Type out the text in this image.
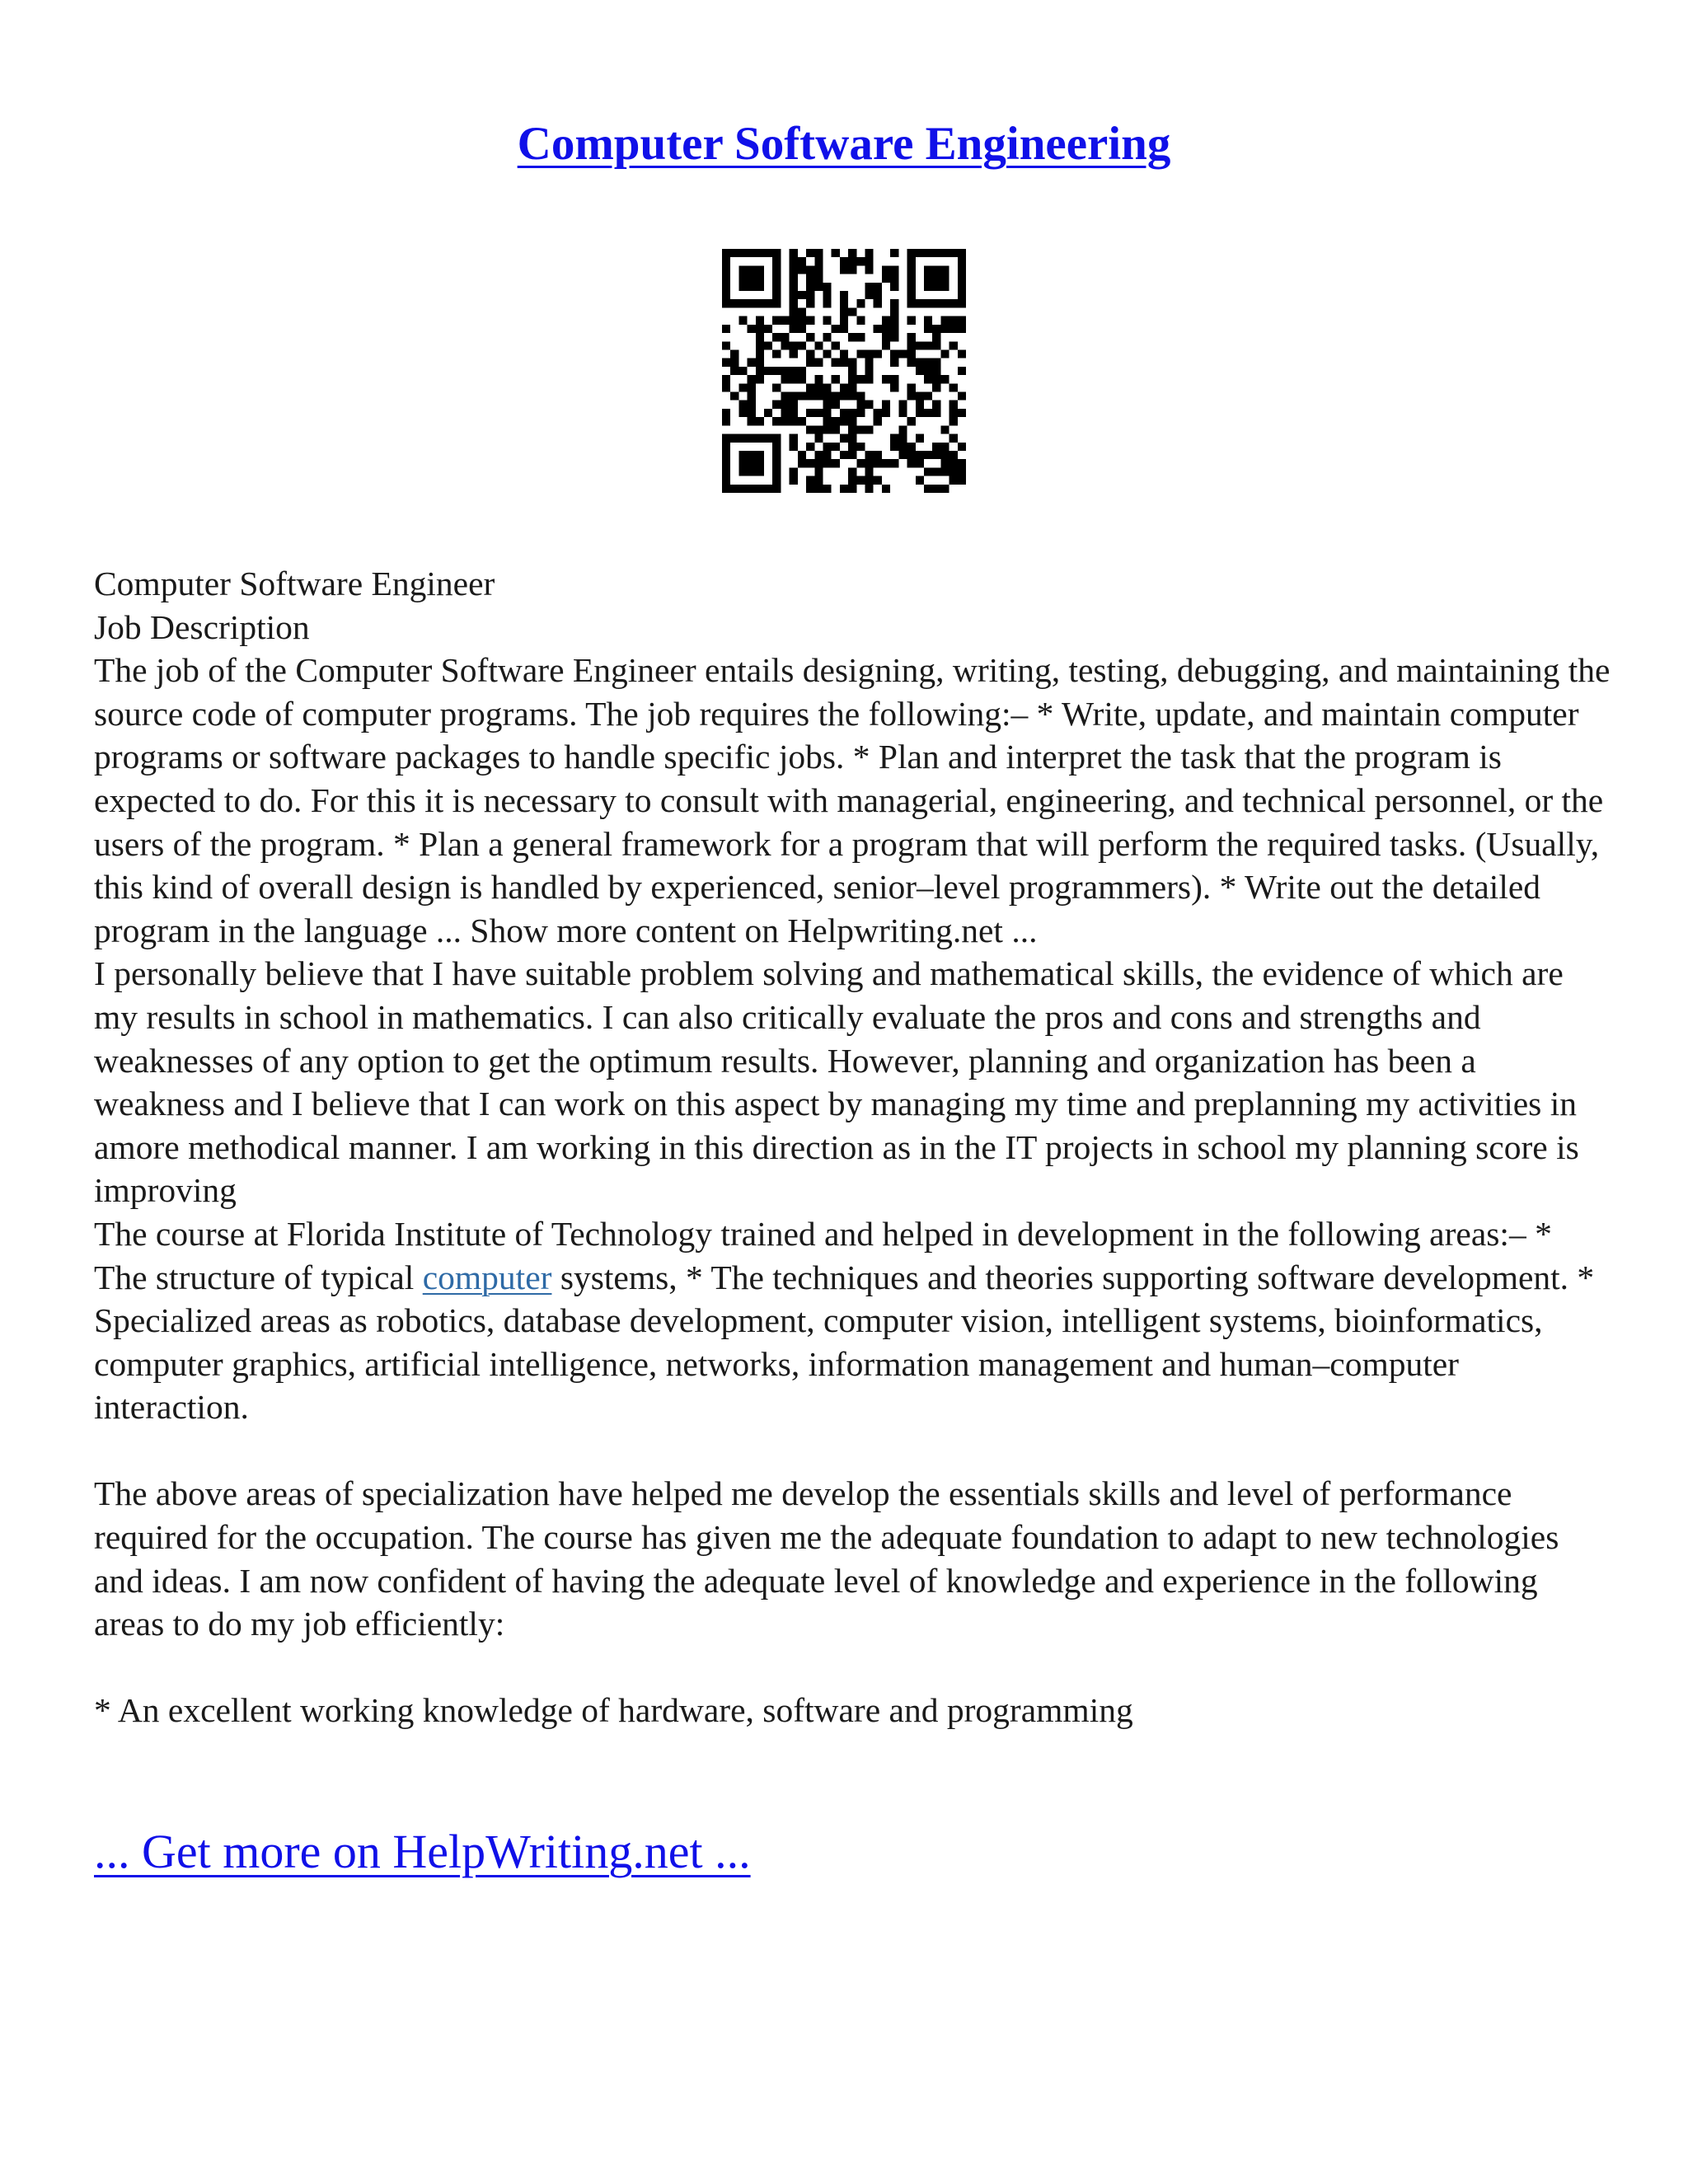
Computer Software Engineering

Computer Software Engineer

Job Description

The job of the Computer Software Engineer entails designing, writing, testing, debugging, and maintaining the source code of computer programs. The job requires the following:– * Write, update, and maintain computer programs or software packages to handle specific jobs. * Plan and interpret the task that the program is expected to do. For this it is necessary to consult with managerial, engineering, and technical personnel, or the users of the program. * Plan a general framework for a program that will perform the required tasks. (Usually, this kind of overall design is handled by experienced, senior–level programmers). * Write out the detailed program in the language ... Show more content on Helpwriting.net ...

I personally believe that I have suitable problem solving and mathematical skills, the evidence of which are my results in school in mathematics. I can also critically evaluate the pros and cons and strengths and weaknesses of any option to get the optimum results. However, planning and organization has been a weakness and I believe that I can work on this aspect by managing my time and preplanning my activities in amore methodical manner. I am working in this direction as in the IT projects in school my planning score is improving

The course at Florida Institute of Technology trained and helped in development in the following areas:– * The structure of typical computer systems, * The techniques and theories supporting software development. * Specialized areas as robotics, database development, computer vision, intelligent systems, bioinformatics, computer graphics, artificial intelligence, networks, information management and human–computer interaction.

The above areas of specialization have helped me develop the essentials skills and level of performance required for the occupation. The course has given me the adequate foundation to adapt to new technologies and ideas. I am now confident of having the adequate level of knowledge and experience in the following areas to do my job efficiently:

* An excellent working knowledge of hardware, software and programming

... Get more on HelpWriting.net ...
